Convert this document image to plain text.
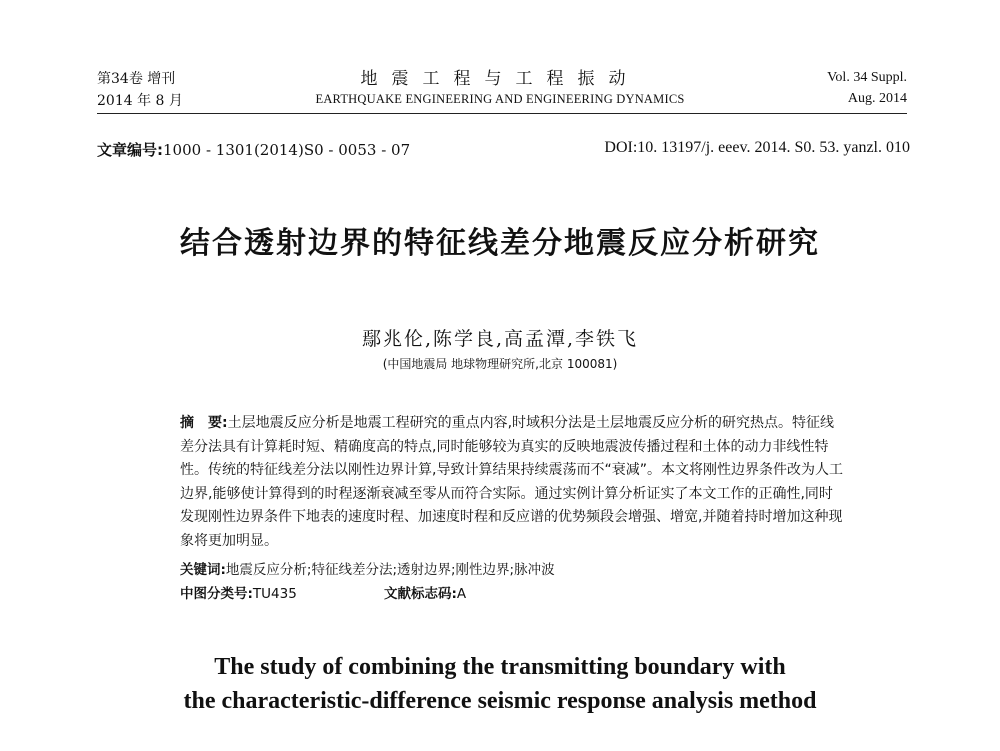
第34卷 增刊
2014 年 8 月
地震工程与工程振动
EARTHQUAKE ENGINEERING AND ENGINEERING DYNAMICS
Vol. 34 Suppl.
Aug. 2014
文章编号:1000 - 1301(2014)S0 - 0053 - 07	DOI:10. 13197/j. eeev. 2014. S0. 53. yanzl. 010
结合透射边界的特征线差分地震反应分析研究
鄢兆伦,陈学良,高孟潭,李铁飞
(中国地震局 地球物理研究所,北京 100081)
摘　要:土层地震反应分析是地震工程研究的重点内容,时域积分法是土层地震反应分析的研究热点。特征线差分法具有计算耗时短、精确度高的特点,同时能够较为真实的反映地震波传播过程和土体的动力非线性特性。传统的特征线差分法以刚性边界计算,导致计算结果持续震荡而不“衰减”。本文将刚性边界条件改为人工边界,能够使计算得到的时程逐渐衰减至零从而符合实际。通过实例计算分析证实了本文工作的正确性,同时发现刚性边界条件下地表的速度时程、加速度时程和反应谱的优势频段会增强、增宽,并随着持时增加这种现象将更加明显。
关键词:地震反应分析;特征线差分法;透射边界;刚性边界;脉冲波
中图分类号:TU435	文献标志码:A
The study of combining the transmitting boundary with
the characteristic-difference seismic response analysis method
